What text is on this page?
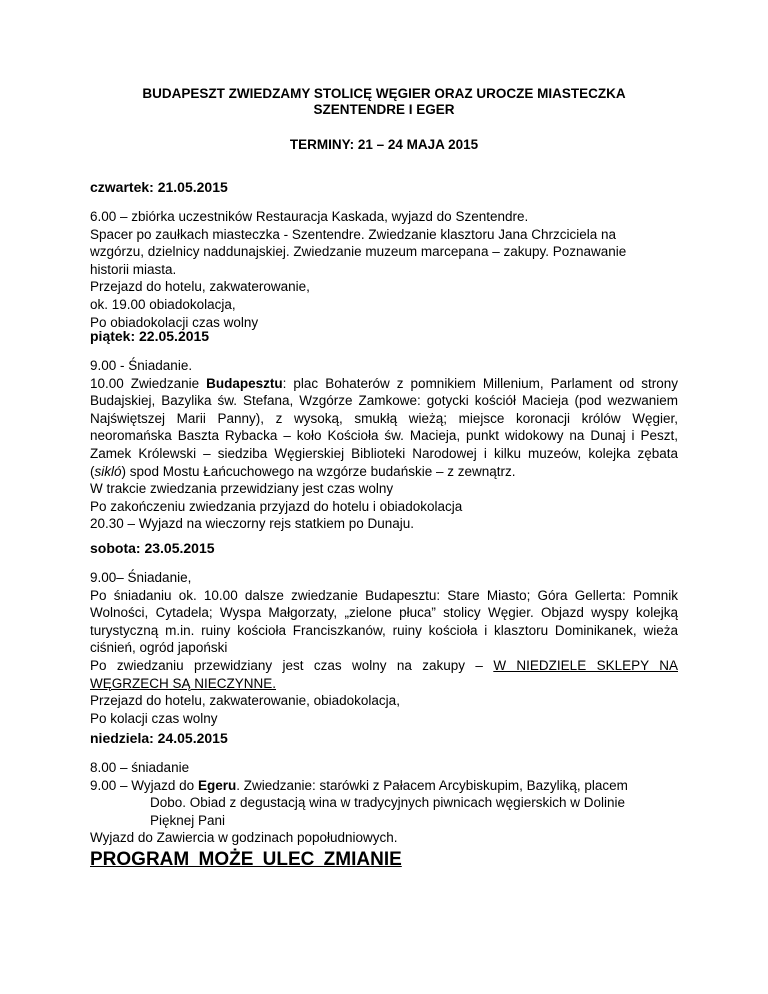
BUDAPESZT ZWIEDZAMY STOLICĘ WĘGIER ORAZ UROCZE MIASTECZKA
SZENTENDRE I EGER
TERMINY: 21 – 24 MAJA 2015
czwartek: 21.05.2015

6.00 – zbiórka uczestników Restauracja Kaskada, wyjazd do Szentendre.

Spacer po zaułkach miasteczka - Szentendre. Zwiedzanie klasztoru Jana Chrzciciela na

wzgórzu, dzielnicy naddunajskiej. Zwiedzanie muzeum marcepana – zakupy. Poznawanie

historii miasta.

Przejazd do hotelu, zakwaterowanie,

ok. 19.00 obiadokolacja,

Po obiadokolacji czas wolny

piątek: 22.05.2015

9.00 - Śniadanie.

10.00 Zwiedzanie Budapesztu: plac Bohaterów z pomnikiem Millenium, Parlament od strony Budajskiej, Bazylika św. Stefana, Wzgórze Zamkowe: gotycki kościół Macieja (pod wezwaniem Najświętszej Marii Panny), z wysoką, smukłą wieżą; miejsce koronacji królów Węgier, neoromańska Baszta Rybacka – koło Kościoła św. Macieja, punkt widokowy na Dunaj i Peszt, Zamek Królewski – siedziba Węgierskiej Biblioteki Narodowej i kilku muzeów, kolejka zębata (sikló) spod Mostu Łańcuchowego na wzgórze budańskie – z zewnątrz.

W trakcie zwiedzania przewidziany jest czas wolny

Po zakończeniu zwiedzania przyjazd do hotelu i obiadokolacja

20.30 – Wyjazd na wieczorny rejs statkiem po Dunaju.

sobota: 23.05.2015

9.00– Śniadanie,

Po śniadaniu ok. 10.00 dalsze zwiedzanie Budapesztu: Stare Miasto; Góra Gellerta: Pomnik Wolności, Cytadela; Wyspa Małgorzaty, „zielone płuca” stolicy Węgier. Objazd wyspy kolejką turystyczną m.in. ruiny kościoła Franciszkanów, ruiny kościoła i klasztoru Dominikanek, wieża ciśnień, ogród japoński

Po zwiedzaniu przewidziany jest czas wolny na zakupy – W NIEDZIELE SKLEPY NA WĘGRZECH SĄ NIECZYNNE.

Przejazd do hotelu, zakwaterowanie, obiadokolacja,

Po kolacji czas wolny

niedziela: 24.05.2015

8.00 – śniadanie

9.00 – Wyjazd do Egeru. Zwiedzanie: starówki z Pałacem Arcybiskupim, Bazyliką, placem

Dobo. Obiad z degustacją wina w tradycyjnych piwnicach węgierskich w Dolinie

Pięknej Pani

Wyjazd do Zawiercia w godzinach popołudniowych.

PROGRAM MOŻE ULEC ZMIANIE
